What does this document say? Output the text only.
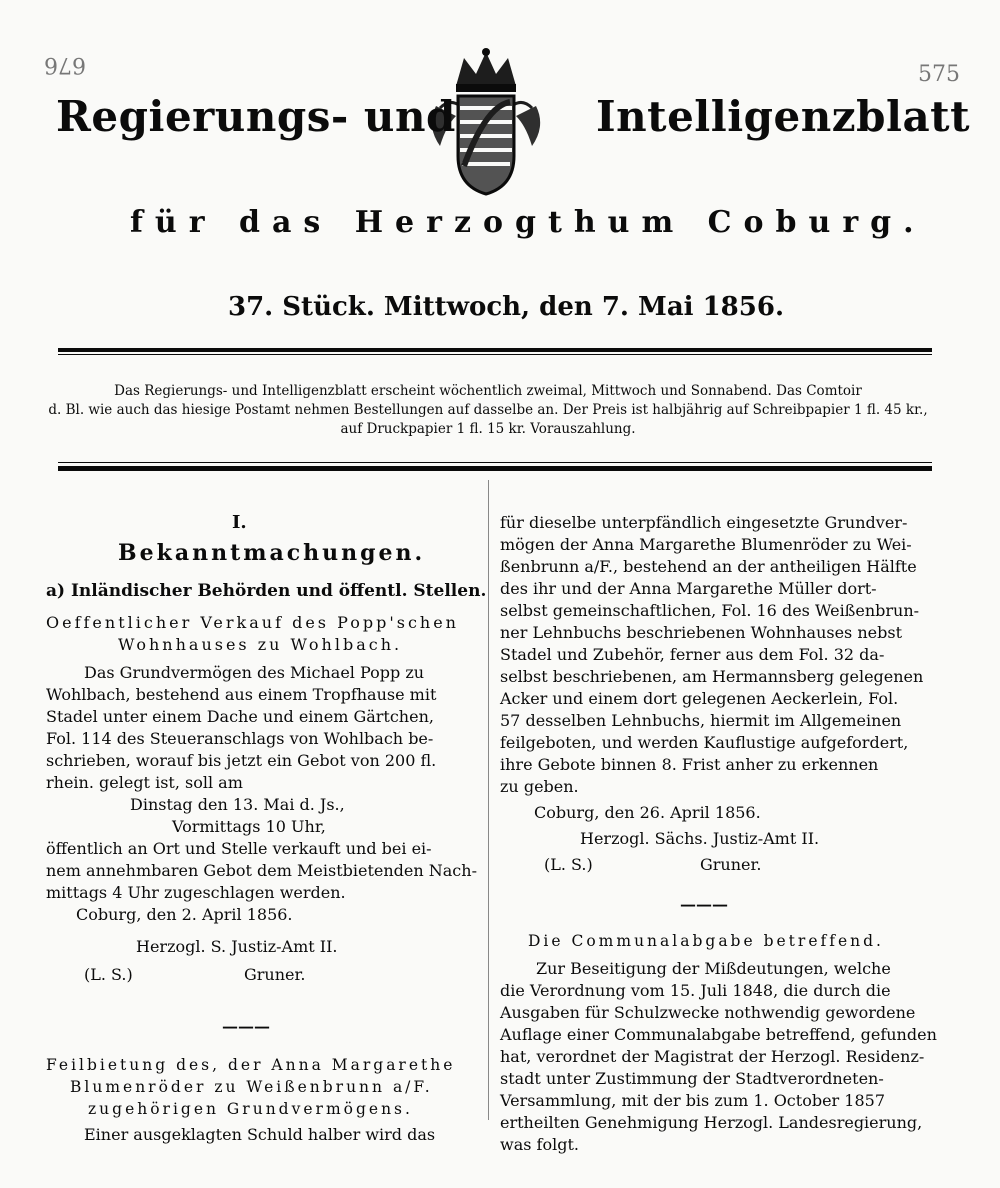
676	575
Regierungs- und	Intelligenzblatt
für das Herzogthum Coburg.
37. Stück. Mittwoch, den 7. Mai 1856.
Das Regierungs- und Intelligenzblatt erscheint wöchentlich zweimal, Mittwoch und Sonnabend. Das Comtoir
d. Bl. wie auch das hiesige Postamt nehmen Bestellungen auf dasselbe an. Der Preis ist halbjährig auf Schreibpapier 1 fl. 45 kr.,
auf Druckpapier 1 fl. 15 kr. Vorauszahlung.
I.
Bekanntmachungen.
a) Inländischer Behörden und öffentl. Stellen.
Oeffentlicher Verkauf des Popp'schen
Wohnhauses zu Wohlbach.
Das Grundvermögen des Michael Popp zu
Wohlbach, bestehend aus einem Tropfhause mit
Stadel unter einem Dache und einem Gärtchen,
Fol. 114 des Steueranschlags von Wohlbach be-
schrieben, worauf bis jetzt ein Gebot von 200 fl.
rhein. gelegt ist, soll am
Dinstag den 13. Mai d. Js.,
Vormittags 10 Uhr,
öffentlich an Ort und Stelle verkauft und bei ei-
nem annehmbaren Gebot dem Meistbietenden Nach-
mittags 4 Uhr zugeschlagen werden.
Coburg, den 2. April 1856.
Herzogl. S. Justiz-Amt II.
(L. S.)	Gruner.
———
Feilbietung des, der Anna Margarethe
Blumenröder zu Weißenbrunn a/F.
zugehörigen Grundvermögens.
Einer ausgeklagten Schuld halber wird das
für dieselbe unterpfändlich eingesetzte Grundver-
mögen der Anna Margarethe Blumenröder zu Wei-
ßenbrunn a/F., bestehend an der antheiligen Hälfte
des ihr und der Anna Margarethe Müller dort-
selbst gemeinschaftlichen, Fol. 16 des Weißenbrun-
ner Lehnbuchs beschriebenen Wohnhauses nebst
Stadel und Zubehör, ferner aus dem Fol. 32 da-
selbst beschriebenen, am Hermannsberg gelegenen
Acker und einem dort gelegenen Aeckerlein, Fol.
57 desselben Lehnbuchs, hiermit im Allgemeinen
feilgeboten, und werden Kauflustige aufgefordert,
ihre Gebote binnen 8. Frist anher zu erkennen
zu geben.
Coburg, den 26. April 1856.
Herzogl. Sächs. Justiz-Amt II.
(L. S.)	Gruner.
———
Die Communalabgabe betreffend.
Zur Beseitigung der Mißdeutungen, welche
die Verordnung vom 15. Juli 1848, die durch die
Ausgaben für Schulzwecke nothwendig gewordene
Auflage einer Communalabgabe betreffend, gefunden
hat, verordnet der Magistrat der Herzogl. Residenz-
stadt unter Zustimmung der Stadtverordneten-
Versammlung, mit der bis zum 1. October 1857
ertheilten Genehmigung Herzogl. Landesregierung,
was folgt.
